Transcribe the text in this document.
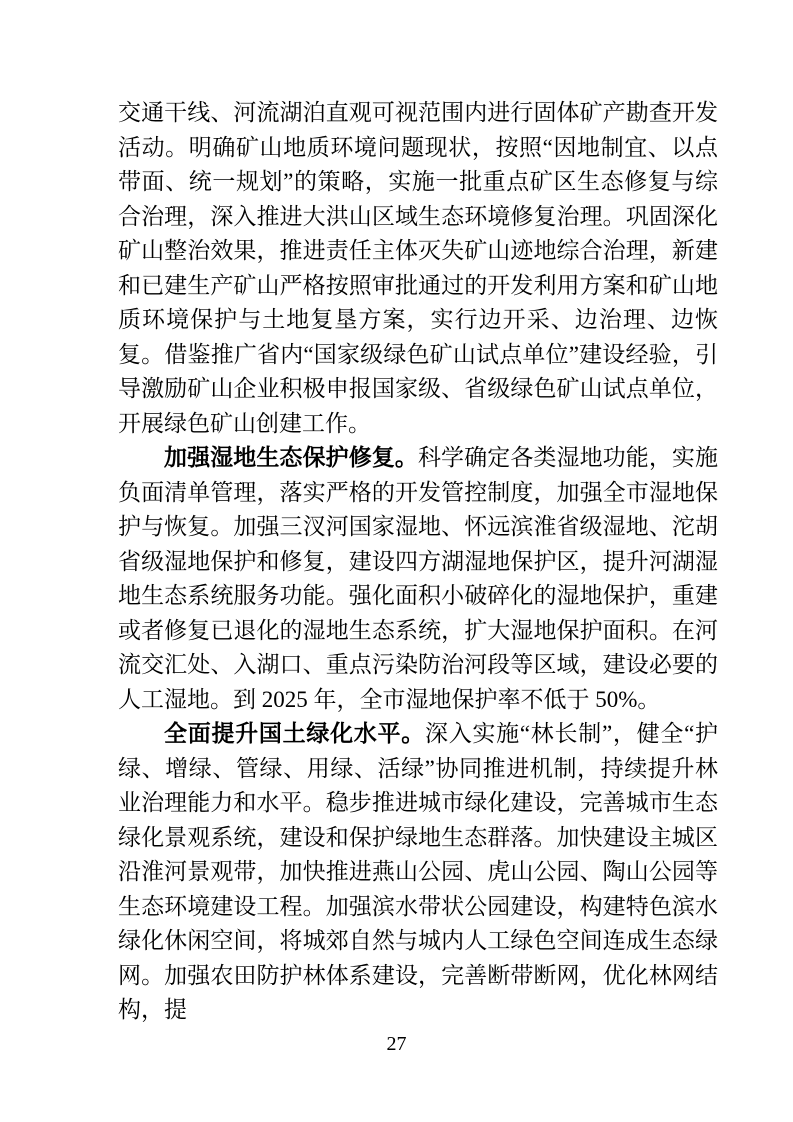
交通干线、河流湖泊直观可视范围内进行固体矿产勘查开发活动。明确矿山地质环境问题现状，按照“因地制宜、以点带面、统一规划”的策略，实施一批重点矿区生态修复与综合治理，深入推进大洪山区域生态环境修复治理。巩固深化矿山整治效果，推进责任主体灭失矿山迹地综合治理，新建和已建生产矿山严格按照审批通过的开发利用方案和矿山地质环境保护与土地复垦方案，实行边开采、边治理、边恢复。借鉴推广省内“国家级绿色矿山试点单位”建设经验，引导激励矿山企业积极申报国家级、省级绿色矿山试点单位，开展绿色矿山创建工作。

加强湿地生态保护修复。科学确定各类湿地功能，实施负面清单管理，落实严格的开发管控制度，加强全市湿地保护与恢复。加强三汊河国家湿地、怀远滨淮省级湿地、沱胡省级湿地保护和修复，建设四方湖湿地保护区，提升河湖湿地生态系统服务功能。强化面积小破碎化的湿地保护，重建或者修复已退化的湿地生态系统，扩大湿地保护面积。在河流交汇处、入湖口、重点污染防治河段等区域，建设必要的人工湿地。到 2025 年，全市湿地保护率不低于 50%。

全面提升国土绿化水平。深入实施“林长制”，健全“护绿、增绿、管绿、用绿、活绿”协同推进机制，持续提升林业治理能力和水平。稳步推进城市绿化建设，完善城市生态绿化景观系统，建设和保护绿地生态群落。加快建设主城区沿淮河景观带，加快推进燕山公园、虎山公园、陶山公园等生态环境建设工程。加强滨水带状公园建设，构建特色滨水绿化休闲空间，将城郊自然与城内人工绿色空间连成生态绿网。加强农田防护林体系建设，完善断带断网，优化林网结构，提

27
